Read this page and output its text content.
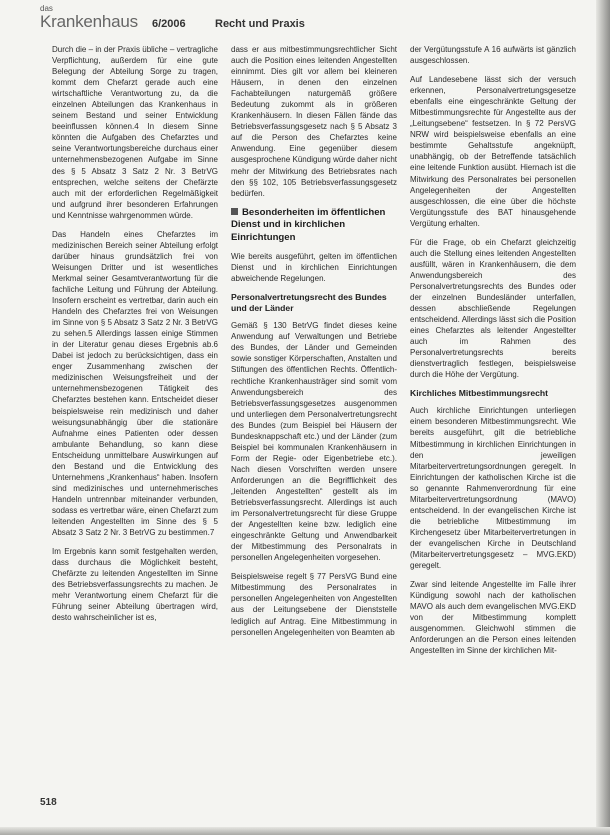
das
Krankenhaus 6/2006	Recht und Praxis

Durch die – in der Praxis übliche – vertragliche Verpflichtung, außerdem für eine gute Belegung der Abteilung Sorge zu tragen, kommt dem Chefarzt gerade auch eine wirtschaftliche Verantwortung zu, da die einzelnen Abteilungen das Krankenhaus in seinem Bestand und seiner Entwicklung beeinflussen können.4 In diesem Sinne könnten die Aufgaben des Chefarztes und seine Verantwortungsbereiche durchaus einer unternehmensbezogenen Aufgabe im Sinne des § 5 Absatz 3 Satz 2 Nr. 3 BetrVG entsprechen, welche seitens der Chefärzte auch mit der erforderlichen Regelmäßigkeit und aufgrund ihrer besonderen Erfahrungen und Kenntnisse wahrgenommen würde.

Das Handeln eines Chefarztes im medizinischen Bereich seiner Abteilung erfolgt darüber hinaus grundsätzlich frei von Weisungen Dritter und ist wesentliches Merkmal seiner Gesamtverantwortung für die fachliche Leitung und Führung der Abteilung. Insofern erscheint es vertretbar, darin auch ein Handeln des Chefarztes frei von Weisungen im Sinne von § 5 Absatz 3 Satz 2 Nr. 3 BetrVG zu sehen.5 Allerdings lassen einige Stimmen in der Literatur genau dieses Ergebnis ab.6 Dabei ist jedoch zu berücksichtigen, dass ein enger Zusammenhang zwischen der medizinischen Weisungsfreiheit und der unternehmensbezogenen Tätigkeit des Chefarztes bestehen kann. Entscheidet dieser beispielsweise rein medizinisch und daher weisungsunabhängig über die stationäre Aufnahme eines Patienten oder dessen ambulante Behandlung, so kann diese Entscheidung unmittelbare Auswirkungen auf den Bestand und die Entwicklung des Unternehmens „Krankenhaus“ haben. Insofern sind medizinisches und unternehmerisches Handeln untrennbar miteinander verbunden, sodass es vertretbar wäre, einen Chefarzt zum leitenden Angestellten im Sinne des § 5 Absatz 3 Satz 2 Nr. 3 BetrVG zu bestimmen.7

Im Ergebnis kann somit festgehalten werden, dass durchaus die Möglichkeit besteht, Chefärzte zu leitenden Angestellten im Sinne des Betriebsverfassungsrechts zu machen. Je mehr Verantwortung einem Chefarzt für die Führung seiner Abteilung übertragen wird, desto wahrscheinlicher ist es,

dass er aus mitbestimmungsrechtlicher Sicht auch die Position eines leitenden Angestellten einnimmt. Dies gilt vor allem bei kleineren Häusern, in denen den einzelnen Fachabteilungen naturgemäß größere Bedeutung zukommt als in größeren Krankenhäusern. In diesen Fällen fände das Betriebsverfassungsgesetz nach § 5 Absatz 3 auf die Person des Chefarztes keine Anwendung. Eine gegenüber diesem ausgesprochene Kündigung würde daher nicht mehr der Mitwirkung des Betriebsrates nach den §§ 102, 105 Betriebsverfassungsgesetz bedürfen.

Besonderheiten im öffentlichen Dienst und in kirchlichen Einrichtungen

Wie bereits ausgeführt, gelten im öffentlichen Dienst und in kirchlichen Einrichtungen abweichende Regelungen.

Personalvertretungsrecht des Bundes und der Länder

Gemäß § 130 BetrVG findet dieses keine Anwendung auf Verwaltungen und Betriebe des Bundes, der Länder und Gemeinden sowie sonstiger Körperschaften, Anstalten und Stiftungen des öffentlichen Rechts. Öffentlich-rechtliche Krankenhausträger sind somit vom Anwendungsbereich des Betriebsverfassungsgesetzes ausgenommen und unterliegen dem Personalvertretungsrecht des Bundes (zum Beispiel bei Häusern der Bundesknappschaft etc.) und der Länder (zum Beispiel bei kommunalen Krankenhäusern in Form der Regie- oder Eigenbetriebe etc.). Nach diesen Vorschriften werden unsere Anforderungen an die Begrifflichkeit des „leitenden Angestellten“ gestellt als im Betriebsverfassungsrecht. Allerdings ist auch im Personalvertretungsrecht für diese Gruppe der Angestellten keine bzw. lediglich eine eingeschränkte Geltung und Anwendbarkeit der Mitbestimmung des Personalrats in personellen Angelegenheiten vorgesehen.

Beispielsweise regelt § 77 PersVG Bund eine Mitbestimmung des Personalrates in personellen Angelegenheiten von Angestellten aus der Leitungsebene der Dienststelle lediglich auf Antrag. Eine Mitbestimmung in personellen Angelegenheiten von Beamten ab

der Vergütungsstufe A 16 aufwärts ist gänzlich ausgeschlossen.

Auf Landesebene lässt sich der versuch erkennen, Personalvertretungsgesetze ebenfalls eine eingeschränkte Geltung der Mitbestimmungsrechte für Angestellte aus der „Leitungsebene“ festsetzen. In § 72 PersVG NRW wird beispielsweise ebenfalls an eine bestimmte Gehaltsstufe angeknüpft, unabhängig, ob der Betreffende tatsächlich eine leitende Funktion ausübt. Hiernach ist die Mitwirkung des Personalrates bei personellen Angelegenheiten der Angestellten ausgeschlossen, die eine über die höchste Vergütungsstufe des BAT hinausgehende Vergütung erhalten.

Für die Frage, ob ein Chefarzt gleichzeitig auch die Stellung eines leitenden Angestellten ausfüllt, wären in Krankenhäusern, die dem Anwendungsbereich des Personalvertretungsrechts des Bundes oder der einzelnen Bundesländer unterfallen, dessen abschließende Regelungen entscheidend. Allerdings lässt sich die Position eines Chefarztes als leitender Angestellter auch im Rahmen des Personalvertretungsrechts bereits dienstvertraglich festlegen, beispielsweise durch die Höhe der Vergütung.

Kirchliches Mitbestimmungsrecht

Auch kirchliche Einrichtungen unterliegen einem besonderen Mitbestimmungsrecht. Wie bereits ausgeführt, gilt die betriebliche Mitbestimmung in kirchlichen Einrichtungen in den jeweiligen Mitarbeitervertretungsordnungen geregelt. In Einrichtungen der katholischen Kirche ist die so genannte Rahmenverordnung für eine Mitarbeitervertretungsordnung (MAVO) entscheidend. In der evangelischen Kirche ist die betriebliche Mitbestimmung im Kirchengesetz über Mitarbeitervertretungen in der evangelischen Kirche in Deutschland (Mitarbeitervertretungsgesetz – MVG.EKD) geregelt.

Zwar sind leitende Angestellte im Falle ihrer Kündigung sowohl nach der katholischen MAVO als auch dem evangelischen MVG.EKD von der Mitbestimmung komplett ausgenommen. Gleichwohl stimmen die Anforderungen an die Person eines leitenden Angestellten im Sinne der kirchlichen Mit-

518
